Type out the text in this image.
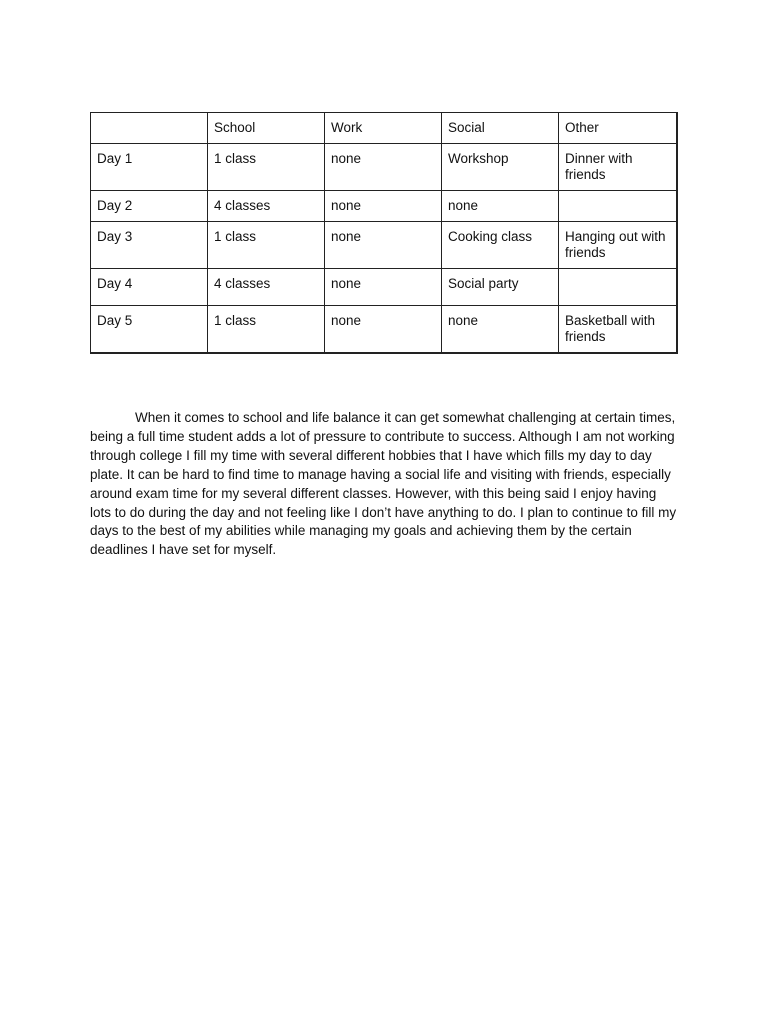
	School	Work	Social	Other
Day 1	1 class	none	Workshop	Dinner with friends
Day 2	4 classes	none	none	
Day 3	1 class	none	Cooking class	Hanging out with friends
Day 4	4 classes	none	Social party	
Day 5	1 class	none	none	Basketball with friends

When it comes to school and life balance it can get somewhat challenging at certain times, being a full time student adds a lot of pressure to contribute to success. Although I am not working through college I fill my time with several different hobbies that I have which fills my day to day plate. It can be hard to find time to manage having a social life and visiting with friends, especially around exam time for my several different classes. However, with this being said I enjoy having lots to do during the day and not feeling like I don’t have anything to do. I plan to continue to fill my days to the best of my abilities while managing my goals and achieving them by the certain deadlines I have set for myself.
